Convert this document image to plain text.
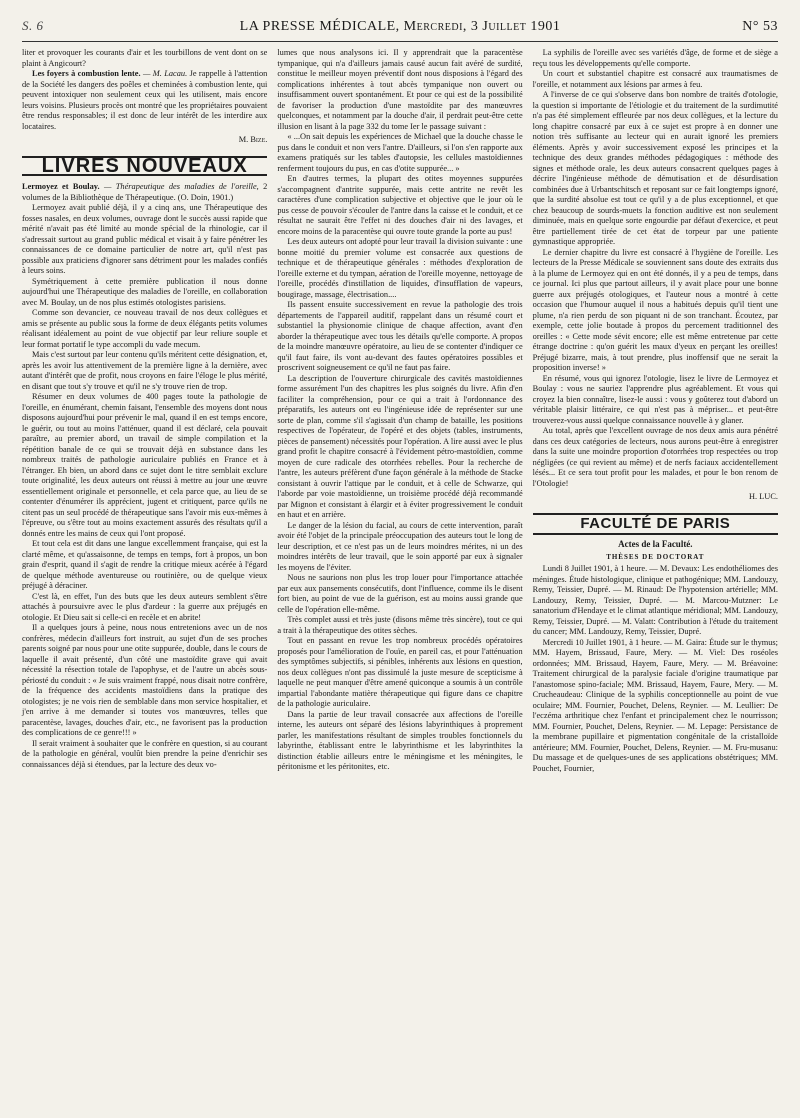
S. 6	LA PRESSE MÉDICALE, Mercredi, 3 Juillet 1901	N° 53

liter et provoquer les courants d'air et les tourbillons de vent dont on se plaint à Angicourt?

Les foyers à combustion lente. — M. Lacau. Je rappelle à l'attention de la Société les dangers des poêles et cheminées à combustion lente, qui peuvent intoxiquer non seulement ceux qui les utilisent, mais encore leurs voisins. Plusieurs procès ont montré que les propriétaires pouvaient être rendus responsables; il est donc de leur intérêt de les interdire aux locataires.

M. Bize.
LIVRES NOUVEAUX

Lermoyez et Boulay. — Thérapeutique des maladies de l'oreille, 2 volumes de la Bibliothèque de Thérapeutique. (O. Doin, 1901.)

Lermoyez avait publié déjà, il y a cinq ans, une Thérapeutique des fosses nasales, en deux volumes, ouvrage dont le succès aussi rapide que mérité n'avait pas été limité au monde spécial de la rhinologie, car il s'adressait surtout au grand public médical et visait à y faire pénétrer les connaissances de ce domaine particulier de notre art, qu'il n'est pas possible aux praticiens d'ignorer sans détriment pour les malades confiés à leurs soins.

Symétriquement à cette première publication il nous donne aujourd'hui une Thérapeutique des maladies de l'oreille, en collaboration avec M. Boulay, un de nos plus estimés otologistes parisiens.

Comme son devancier, ce nouveau travail de nos deux collègues et amis se présente au public sous la forme de deux élégants petits volumes réalisant idéalement au point de vue objectif par leur reliure souple et leur format portatif le type accompli du vade mecum.

Mais c'est surtout par leur contenu qu'ils méritent cette désignation, et, après les avoir lus attentivement de la première ligne à la dernière, avec autant d'intérêt que de profit, nous croyons en faire l'éloge le plus mérité, en disant que tout s'y trouve et qu'il ne s'y trouve rien de trop.

Résumer en deux volumes de 400 pages toute la pathologie de l'oreille, en énumérant, chemin faisant, l'ensemble des moyens dont nous disposons aujourd'hui pour prévenir le mal, quand il en est temps encore, le guérir, ou tout au moins l'atténuer, quand il est déclaré, cela pouvait paraître, au premier abord, un travail de simple compilation et la répétition banale de ce qui se trouvait déjà en substance dans les nombreux traités de pathologie auriculaire publiés en France et à l'étranger. Eh bien, un abord dans ce sujet dont le titre semblait exclure toute originalité, les deux auteurs ont réussi à mettre au jour une œuvre essentiellement originale et personnelle, et cela parce que, au lieu de se contenter d'énumérer ils apprécient, jugent et critiquent, parce qu'ils ne citent pas un seul procédé de thérapeutique sans l'avoir mis eux-mêmes à l'épreuve, ou s'être tout au moins exactement assurés des résultats qu'il a donnés entre les mains de ceux qui l'ont proposé.

Et tout cela est dit dans une langue excellemment française, qui est la clarté même, et qu'assaisonne, de temps en temps, fort à propos, un bon grain d'esprit, quand il s'agit de rendre la critique mieux acérée à l'égard de quelque méthode aventureuse ou routinière, ou de quelque vieux préjugé à déraciner.

C'est là, en effet, l'un des buts que les deux auteurs semblent s'être attachés à poursuivre avec le plus d'ardeur : la guerre aux préjugés en otologie. Et Dieu sait si celle-ci en recèle et en abrite!

Il a quelques jours à peine, nous nous entretenions avec un de nos confrères, médecin d'ailleurs fort instruit, au sujet d'un de ses proches parents soigné par nous pour une otite suppurée, double, dans le cours de laquelle il avait présenté, d'un côté une mastoïdite grave qui avait nécessité la résection totale de l'apophyse, et de l'autre un abcès sous-périosté du conduit : « Je suis vraiment frappé, nous disait notre confrère, de la fréquence des accidents mastoïdiens dans la pratique des otologistes; je ne vois rien de semblable dans mon service hospitalier, et j'en arrive à me demander si toutes vos manœuvres, telles que paracentèse, lavages, douches d'air, etc., ne favorisent pas la production des complications de ce genre!!! »

Il serait vraiment à souhaiter que le confrère en question, si au courant de la pathologie en général, voulût bien prendre la peine d'enrichir ses connaissances déjà si étendues, par la lecture des deux vo-

lumes que nous analysons ici. Il y apprendrait que la paracentèse tympanique, qui n'a d'ailleurs jamais causé aucun fait avéré de surdité, constitue le meilleur moyen préventif dont nous disposions à l'égard des complications inhérentes à tout abcès tympanique non ouvert ou insuffisamment ouvert spontanément. Et pour ce qui est de la possibilité de favoriser la production d'une mastoïdite par des manœuvres quelconques, et notamment par la douche d'air, il perdrait peut-être cette illusion en lisant à la page 332 du tome Ier le passage suivant :

« ...On sait depuis les expériences de Michael que la douche chasse le pus dans le conduit et non vers l'antre. D'ailleurs, si l'on s'en rapporte aux examens pratiqués sur les tables d'autopsie, les cellules mastoïdiennes renferment toujours du pus, en cas d'otite suppurée... »

En d'autres termes, la plupart des otites moyennes suppurées s'accompagnent d'antrite suppurée, mais cette antrite ne revêt les caractères d'une complication subjective et objective que le jour où le pus cesse de pouvoir s'écouler de l'antre dans la caisse et le conduit, et ce résultat ne saurait être l'effet ni des douches d'air ni des lavages, et encore moins de la paracentèse qui ouvre toute grande la porte au pus!

Les deux auteurs ont adopté pour leur travail la division suivante : une bonne moitié du premier volume est consacrée aux questions de technique et de thérapeutique générales : méthodes d'exploration de l'oreille externe et du tympan, aération de l'oreille moyenne, nettoyage de l'oreille, procédés d'instillation de liquides, d'insufflation de vapeurs, bougirage, massage, électrisation....

Ils passent ensuite successivement en revue la pathologie des trois départements de l'appareil auditif, rappelant dans un résumé court et substantiel la physionomie clinique de chaque affection, avant d'en aborder la thérapeutique avec tous les détails qu'elle comporte. A propos de la moindre manœuvre opératoire, au lieu de se contenter d'indiquer ce qu'il faut faire, ils vont au-devant des fautes opératoires possibles et proscrivent soigneusement ce qu'il ne faut pas faire.

La description de l'ouverture chirurgicale des cavités mastoïdiennes forme assurément l'un des chapitres les plus soignés du livre. Afin d'en faciliter la compréhension, pour ce qui a trait à l'ordonnance des préparatifs, les auteurs ont eu l'ingénieuse idée de représenter sur une sorte de plan, comme s'il s'agissait d'un champ de bataille, les positions respectives de l'opérateur, de l'opéré et des objets (tables, instruments, pièces de pansement) nécessités pour l'opération. A lire aussi avec le plus grand profit le chapitre consacré à l'évidement pétro-mastoïdien, comme moyen de cure radicale des otorrhées rebelles. Pour la recherche de l'antre, les auteurs préfèrent d'une façon générale à la méthode de Stacke consistant à ouvrir l'attique par le conduit, et à celle de Schwarze, qui l'aborde par voie mastoïdienne, un troisième procédé déjà recommandé par Mignon et consistant à élargir et à éviter progressivement le conduit en haut et en arrière.

Le danger de la lésion du facial, au cours de cette intervention, paraît avoir été l'objet de la principale préoccupation des auteurs tout le long de leur description, et ce n'est pas un de leurs moindres mérites, ni un des moindres intérêts de leur travail, que le soin apporté par eux à signaler les moyens de l'éviter.

Nous ne saurions non plus les trop louer pour l'importance attachée par eux aux pansements consécutifs, dont l'influence, comme ils le disent fort bien, au point de vue de la guérison, est au moins aussi grande que celle de l'opération elle-même.

Très complet aussi et très juste (disons même très sincère), tout ce qui a trait à la thérapeutique des otites sèches.

Tout en passant en revue les trop nombreux procédés opératoires proposés pour l'amélioration de l'ouïe, en pareil cas, et pour l'atténuation des symptômes subjectifs, si pénibles, inhérents aux lésions en question, nos deux collègues n'ont pas dissimulé la juste mesure de scepticisme à laquelle ne peut manquer d'être amené quiconque a soumis à un contrôle impartial l'abondante matière thérapeutique qui figure dans ce chapitre de la pathologie auriculaire.

Dans la partie de leur travail consacrée aux affections de l'oreille interne, les auteurs ont séparé des lésions labyrinthiques à proprement parler, les manifestations résultant de simples troubles fonctionnels du labyrinthe, établissant entre le labyrinthisme et les labyrinthites la distinction établie ailleurs entre le méningisme et les méningites, le péritonisme et les péritonites, etc.

La syphilis de l'oreille avec ses variétés d'âge, de forme et de siège a reçu tous les développements qu'elle comporte.

Un court et substantiel chapitre est consacré aux traumatismes de l'oreille, et notamment aux lésions par armes à feu.

A l'inverse de ce qui s'observe dans bon nombre de traités d'otologie, la question si importante de l'étiologie et du traitement de la surdimutité n'a pas été simplement effleurée par nos deux collègues, et la lecture du long chapitre consacré par eux à ce sujet est propre à en donner une notion très suffisante au lecteur qui en aurait ignoré les premiers éléments. Après y avoir successivement exposé les principes et la technique des deux grandes méthodes pédagogiques : méthode des signes et méthode orale, les deux auteurs consacrent quelques pages à décrire l'ingénieuse méthode de démutisation et de désurdisation combinées due à Urbantschitsch et reposant sur ce fait longtemps ignoré, que la surdité absolue est tout ce qu'il y a de plus exceptionnel, et que chez beaucoup de sourds-muets la fonction auditive est non seulement diminuée, mais en quelque sorte engourdie par défaut d'exercice, et peut être partiellement tirée de cet état de torpeur par une patiente gymnastique appropriée.

Le dernier chapitre du livre est consacré à l'hygiène de l'oreille. Les lecteurs de la Presse Médicale se souviennent sans doute des extraits dus à la plume de Lermoyez qui en ont été donnés, il y a peu de temps, dans ce journal. Ici plus que partout ailleurs, il y avait place pour une bonne guerre aux préjugés otologiques, et l'auteur nous a montré à cette occasion que l'humour auquel il nous a habitués depuis qu'il tient une plume, n'a rien perdu de son piquant ni de son tranchant. Écoutez, par exemple, cette jolie boutade à propos du percement traditionnel des oreilles : « Cette mode sévit encore; elle est même entretenue par cette étrange doctrine : qu'on guérit les maux d'yeux en perçant les oreilles! Préjugé bizarre, mais, à tout prendre, plus inoffensif que ne serait la proposition inverse! »

En résumé, vous qui ignorez l'otologie, lisez le livre de Lermoyez et Boulay : vous ne sauriez l'apprendre plus agréablement. Et vous qui croyez la bien connaître, lisez-le aussi : vous y goûterez tout d'abord un véritable plaisir littéraire, ce qui n'est pas à mépriser... et peut-être trouverez-vous aussi quelque connaissance nouvelle à y glaner.

Au total, après que l'excellent ouvrage de nos deux amis aura pénétré dans ces deux catégories de lecteurs, nous aurons peut-être à enregistrer dans la suite une moindre proportion d'otorrhées trop respectées ou trop négligées (ce qui revient au même) et de nerfs faciaux accidentellement lésés... Et ce sera tout profit pour les malades, et pour le bon renom de l'Otologie!

H. LUC.
FACULTÉ DE PARIS
Actes de la Faculté.
THÈSES DE DOCTORAT

Lundi 8 Juillet 1901, à 1 heure. — M. Devaux: Les endothéliomes des méninges. Étude histologique, clinique et pathogénique; MM. Landouzy, Remy, Teissier, Dupré. — M. Rinaud: De l'hypotension artérielle; MM. Landouzy, Remy, Teissier, Dupré. — M. Marcou-Mutzner: Le sanatorium d'Hendaye et le climat atlantique méridional; MM. Landouzy, Remy, Teissier, Dupré. — M. Valatt: Contribution à l'étude du traitement du cancer; MM. Landouzy, Remy, Teissier, Dupré.

Mercredi 10 Juillet 1901, à 1 heure. — M. Gaira: Étude sur le thymus; MM. Hayem, Brissaud, Faure, Mery. — M. Viel: Des roséoles ordonnées; MM. Brissaud, Hayem, Faure, Mery. — M. Bréavoine: Traitement chirurgical de la paralysie faciale d'origine traumatique par l'anastomose spino-faciale; MM. Brissaud, Hayem, Faure, Mery. — M. Crucheaudeau: Clinique de la syphilis conceptionnelle au point de vue oculaire; MM. Fournier, Pouchet, Delens, Reynier. — M. Leullier: De l'eczéma arthritique chez l'enfant et principalement chez le nourrisson; MM. Fournier, Pouchet, Delens, Reynier. — M. Lepage: Persistance de la membrane pupillaire et pigmentation congénitale de la cristalloïde antérieure; MM. Fournier, Pouchet, Delens, Reynier. — M. Fru-musanu: Du massage et de quelques-unes de ses applications obstétriques; MM. Pouchet, Fournier,
